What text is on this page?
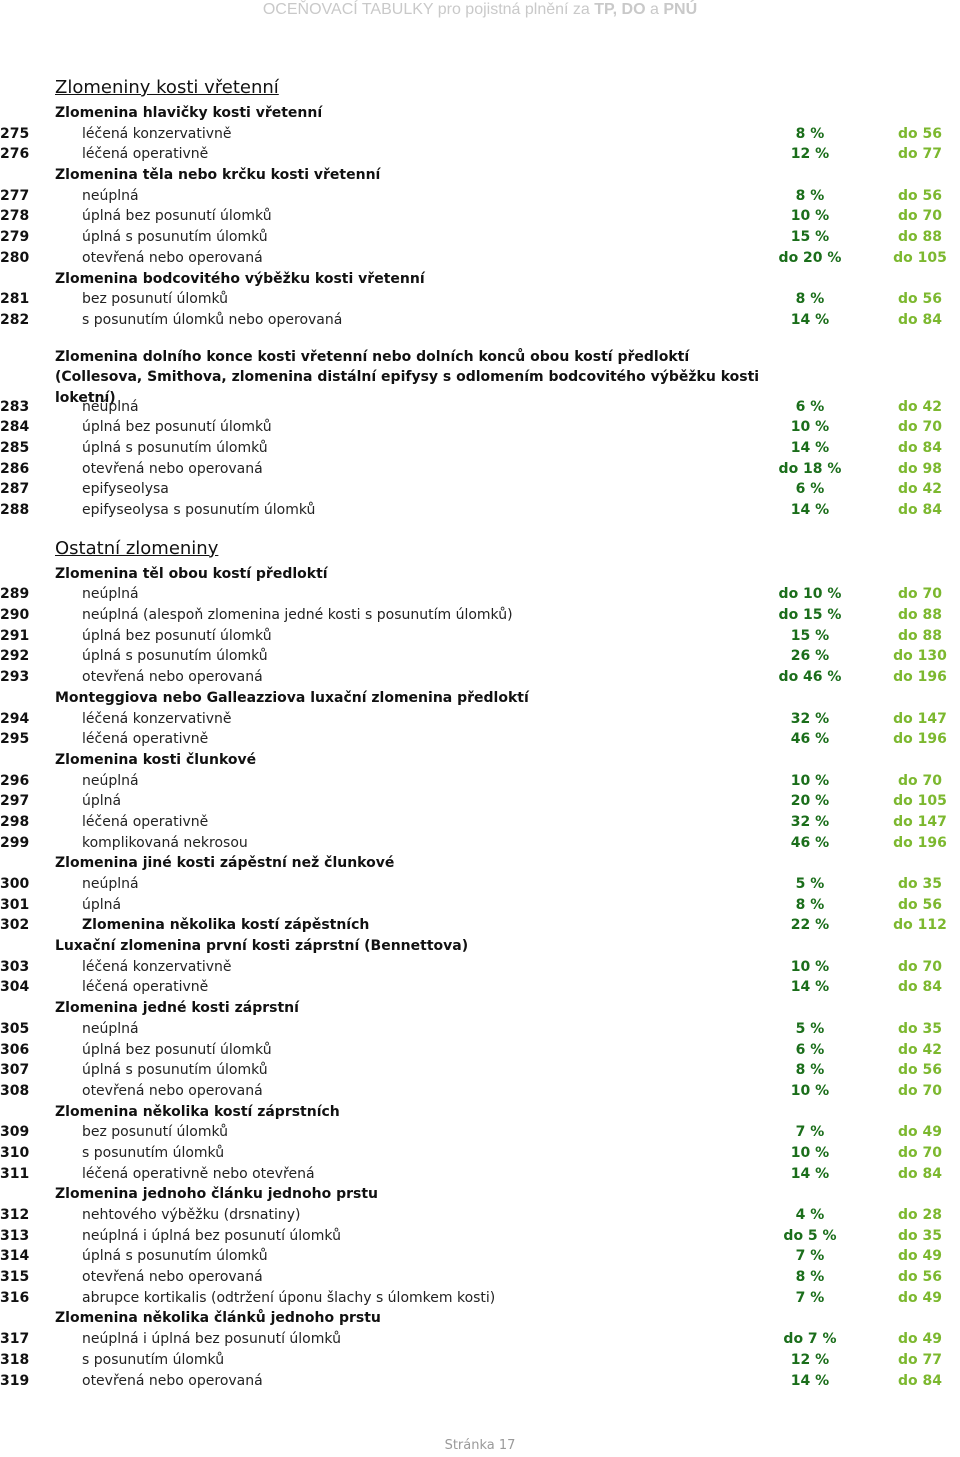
OCEŇOVACÍ TABULKY pro pojistná plnění za TP, DO a PNÚ
Zlomeniny kosti vřetenní
Zlomenina hlavičky kosti vřetenní
275	léčená konzervativně	8 %	do 56
276	léčená operativně	12 %	do 77
Zlomenina těla nebo krčku kosti vřetenní
277	neúplná	8 %	do 56
278	úplná bez posunutí úlomků	10 %	do 70
279	úplná s posunutím úlomků	15 %	do 88
280	otevřená nebo operovaná	do 20 %	do 105
Zlomenina bodcovitého výběžku kosti vřetenní
281	bez posunutí úlomků	8 %	do 56
282	s posunutím úlomků nebo operovaná	14 %	do 84
Zlomenina dolního konce kosti vřetenní nebo dolních konců obou kostí předloktí (Collesova, Smithova, zlomenina distální epifysy s odlomením bodcovitého výběžku kosti loketní)
283	neúplná	6 %	do 42
284	úplná bez posunutí úlomků	10 %	do 70
285	úplná s posunutím úlomků	14 %	do 84
286	otevřená nebo operovaná	do 18 %	do 98
287	epifyseolysa	6 %	do 42
288	epifyseolysa s posunutím úlomků	14 %	do 84
Ostatní zlomeniny
Zlomenina těl obou kostí předloktí
289	neúplná	do 10 %	do 70
290	neúplná (alespoň zlomenina jedné kosti s posunutím úlomků)	do 15 %	do 88
291	úplná bez posunutí úlomků	15 %	do 88
292	úplná s posunutím úlomků	26 %	do 130
293	otevřená nebo operovaná	do 46 %	do 196
Monteggiova nebo Galleazziova luxační zlomenina předloktí
294	léčená konzervativně	32 %	do 147
295	léčená operativně	46 %	do 196
Zlomenina kosti člunkové
296	neúplná	10 %	do 70
297	úplná	20 %	do 105
298	léčená operativně	32 %	do 147
299	komplikovaná nekrosou	46 %	do 196
Zlomenina jiné kosti zápěstní než člunkové
300	neúplná	5 %	do 35
301	úplná	8 %	do 56
302	Zlomenina několika kostí zápěstních	22 %	do 112
Luxační zlomenina první kosti záprstní (Bennettova)
303	léčená konzervativně	10 %	do 70
304	léčená operativně	14 %	do 84
Zlomenina jedné kosti záprstní
305	neúplná	5 %	do 35
306	úplná bez posunutí úlomků	6 %	do 42
307	úplná s posunutím úlomků	8 %	do 56
308	otevřená nebo operovaná	10 %	do 70
Zlomenina několika kostí záprstních
309	bez posunutí úlomků	7 %	do 49
310	s posunutím úlomků	10 %	do 70
311	léčená operativně nebo otevřená	14 %	do 84
Zlomenina jednoho článku jednoho prstu
312	nehtového výběžku (drsnatiny)	4 %	do 28
313	neúplná i úplná bez posunutí úlomků	do 5 %	do 35
314	úplná s posunutím úlomků	7 %	do 49
315	otevřená nebo operovaná	8 %	do 56
316	abrupce kortikalis (odtržení úponu šlachy s úlomkem kosti)	7 %	do 49
Zlomenina několika článků jednoho prstu
317	neúplná i úplná bez posunutí úlomků	do 7 %	do 49
318	s posunutím úlomků	12 %	do 77
319	otevřená nebo operovaná	14 %	do 84
Stránka 17
